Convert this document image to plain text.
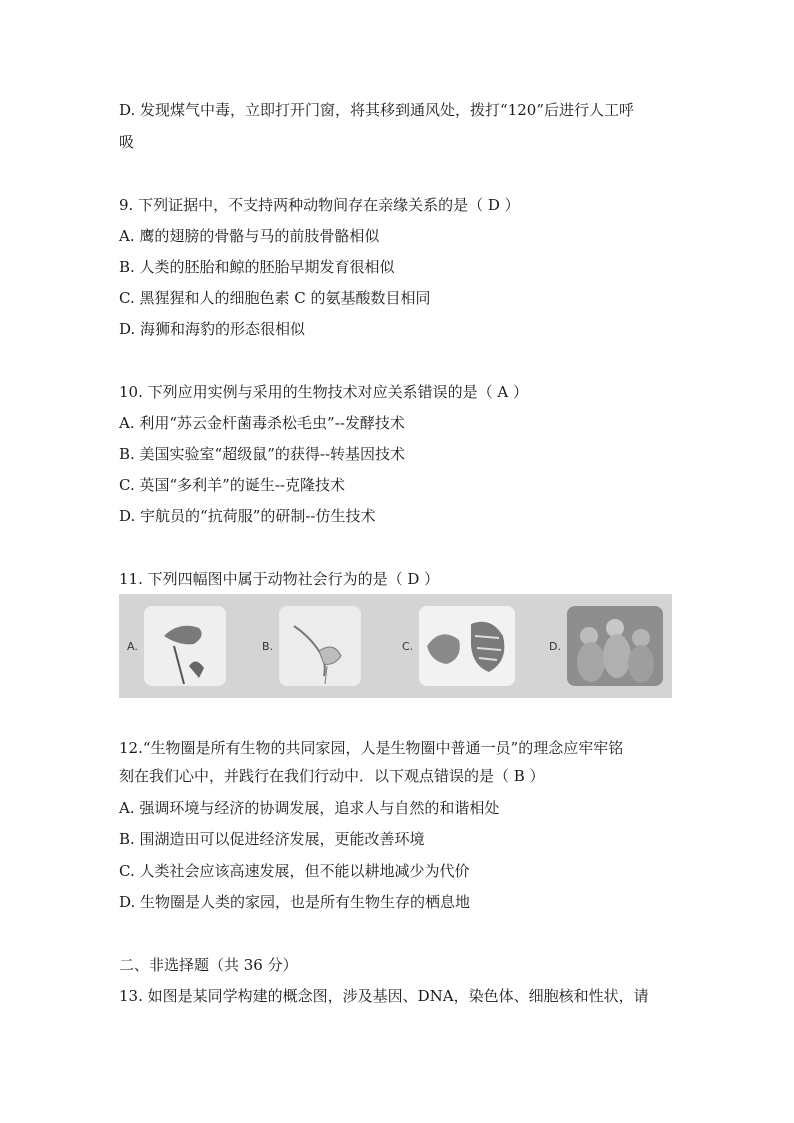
D. 发现煤气中毒，立即打开门窗，将其移到通风处，拨打“120”后进行人工呼
吸
9. 下列证据中，不支持两种动物间存在亲缘关系的是（ D ）
A. 鹰的翅膀的骨骼与马的前肢骨骼相似
B. 人类的胚胎和鲸的胚胎早期发育很相似
C. 黑猩猩和人的细胞色素 C 的氨基酸数目相同
D. 海狮和海豹的形态很相似
10. 下列应用实例与采用的生物技术对应关系错误的是（ A ）
A. 利用“苏云金杆菌毒杀松毛虫”--发酵技术
B. 美国实验室“超级鼠”的获得--转基因技术
C. 英国“多利羊”的诞生--克隆技术
D. 宇航员的“抗荷服”的研制--仿生技术
11. 下列四幅图中属于动物社会行为的是（ D ）
A.	B.	C.	D.
12.“生物圈是所有生物的共同家园，人是生物圈中普通一员”的理念应牢牢铭
刻在我们心中，并践行在我们行动中．以下观点错误的是（ B ）
A. 强调环境与经济的协调发展，追求人与自然的和谐相处
B. 围湖造田可以促进经济发展，更能改善环境
C. 人类社会应该高速发展，但不能以耕地减少为代价
D. 生物圈是人类的家园，也是所有生物生存的栖息地
二、非选择题（共 36 分）
13. 如图是某同学构建的概念图，涉及基因、DNA，染色体、细胞核和性状，请
